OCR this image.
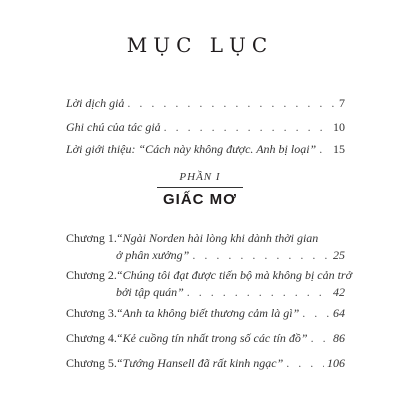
MỤC LỤC
Lời dịch giả . . .	7
Ghi chú của tác giả . . .	10
Lời giới thiệu: “Cách này không được. Anh bị loại” . . . 15
PHẦN I
GIẤC MƠ
Chương 1. “Ngài Norden hài lòng khi dành thời gian
ở phân xưởng” . . .	25
Chương 2. “Chúng tôi đạt được tiến bộ mà không bị cản trở
bởi tập quán” . . .	42
Chương 3. “Anh ta không biết thương cảm là gì” . . .	64
Chương 4. “Kẻ cuồng tín nhất trong số các tín đồ” . . . 86
Chương 5. “Tướng Hansell đã rất kinh ngạc” . . .	106
